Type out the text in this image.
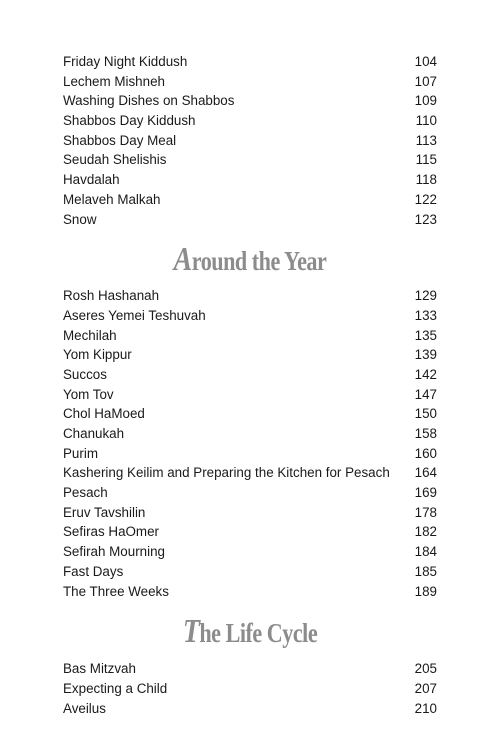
Friday Night Kiddush	104
Lechem Mishneh	107
Washing Dishes on Shabbos	109
Shabbos Day Kiddush	110
Shabbos Day Meal	113
Seudah Shelishis	115
Havdalah	118
Melaveh Malkah	122
Snow	123
Around the Year
Rosh Hashanah	129
Aseres Yemei Teshuvah	133
Mechilah	135
Yom Kippur	139
Succos	142
Yom Tov	147
Chol HaMoed	150
Chanukah	158
Purim	160
Kashering Keilim and Preparing the Kitchen for Pesach	164
Pesach	169
Eruv Tavshilin	178
Sefiras HaOmer	182
Sefirah Mourning	184
Fast Days	185
The Three Weeks	189
The Life Cycle
Bas Mitzvah	205
Expecting a Child	207
Aveilus	210
